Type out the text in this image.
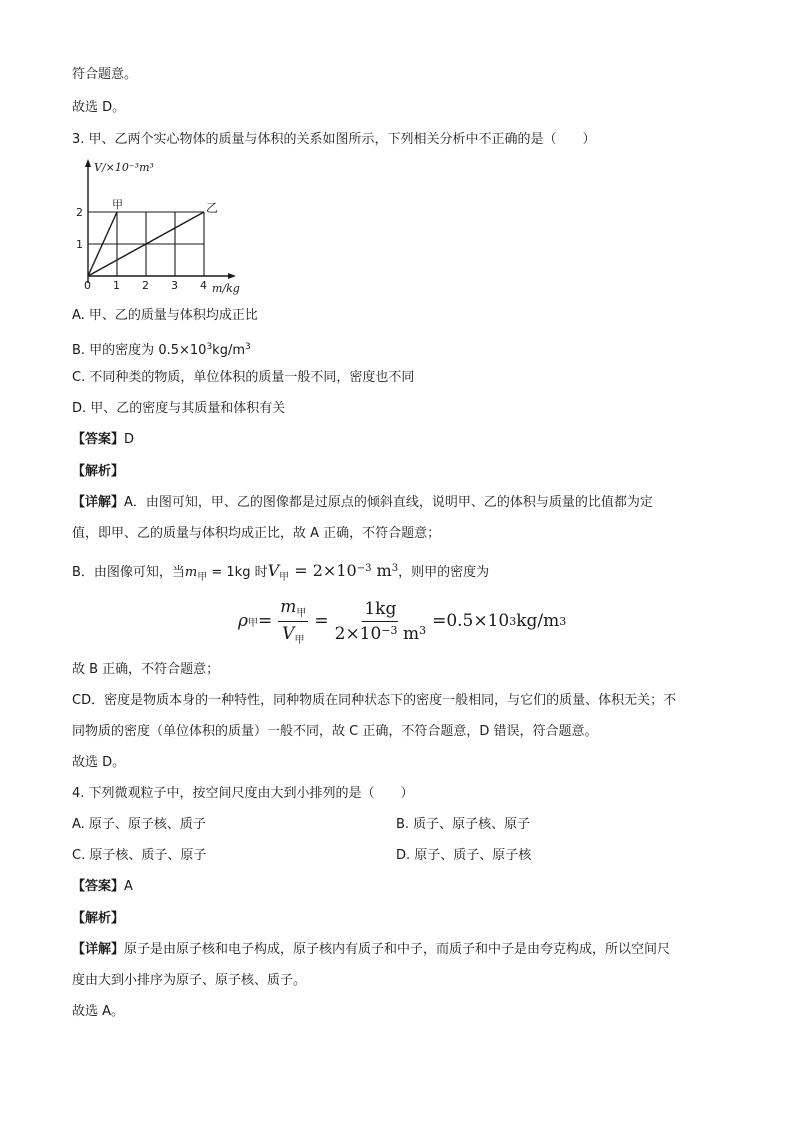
符合题意。
故选 D。
3. 甲、乙两个实心物体的质量与体积的关系如图所示，下列相关分析中不正确的是（　　）
V/×10⁻³m³
m/kg
甲	乙
2
1
0 1 2 3 4
A. 甲、乙的质量与体积均成正比
B. 甲的密度为 $0.5\times 10^3kg/m^3$
C. 不同种类的物质，单位体积的质量一般不同，密度也不同
D. 甲、乙的密度与其质量和体积有关
【答案】D
【解析】
【详解】A．由图可知，甲、乙的图像都是过原点的倾斜直线，说明甲、乙的体积与质量的比值都为定
值，即甲、乙的质量与体积均成正比，故 A 正确，不符合题意；
B．由图像可知，当$m_甲 = 1kg$ 时$V_甲 = 2\times 10^{-3}$ $m^3$，则甲的密度为
ρ 甲 = $\frac{m_甲}{V_甲} = \frac{1kg}{2\times 10^{-3} m^3} = 0.5\times 10$ 3 kg/m 3
故 B 正确，不符合题意；
CD．密度是物质本身的一种特性，同种物质在同种状态下的密度一般相同，与它们的质量、体积无关；不
同物质的密度（单位体积的质量）一般不同，故 C 正确，不符合题意，D 错误，符合题意。
故选 D。
4. 下列微观粒子中，按空间尺度由大到小排列的是（　　）
A. 原子、原子核、质子	B. 质子、原子核、原子
C. 原子核、质子、原子	D. 原子、质子、原子核
【答案】A
【解析】
【详解】原子是由原子核和电子构成，原子核内有质子和中子，而质子和中子是由夸克构成，所以空间尺
度由大到小排序为原子、原子核、质子。
故选 A。
